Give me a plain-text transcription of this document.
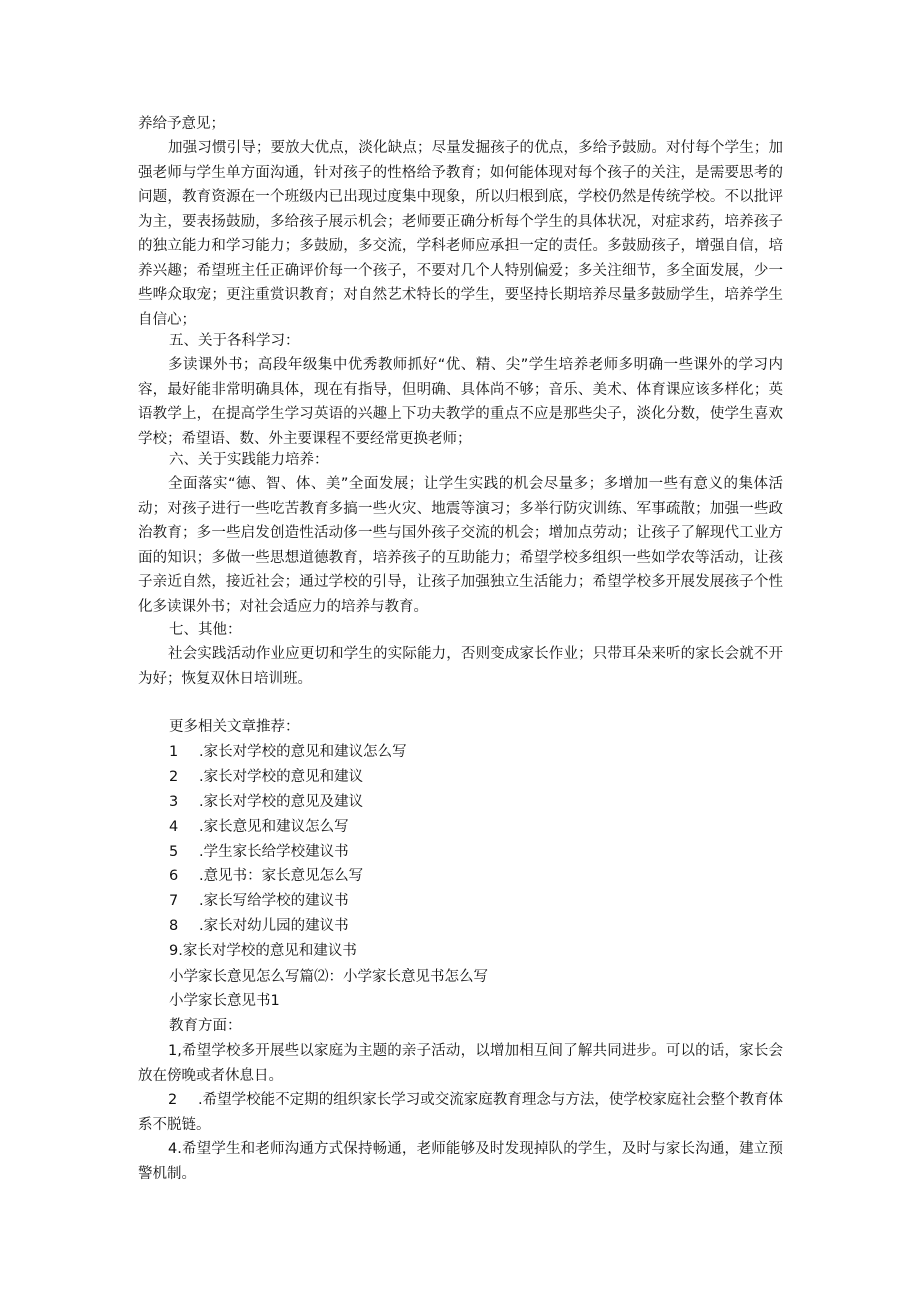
养给予意见；
加强习惯引导；要放大优点，淡化缺点；尽量发掘孩子的优点，多给予鼓励。对付每个学生；加强老师与学生单方面沟通，针对孩子的性格给予教育；如何能体现对每个孩子的关注，是需要思考的问题，教育资源在一个班级内已出现过度集中现象，所以归根到底，学校仍然是传统学校。不以批评为主，要表扬鼓励，多给孩子展示机会；老师要正确分析每个学生的具体状况，对症求药，培养孩子的独立能力和学习能力；多鼓励，多交流，学科老师应承担一定的责任。多鼓励孩子，增强自信，培养兴趣；希望班主任正确评价每一个孩子，不要对几个人特别偏爱；多关注细节，多全面发展，少一些哗众取宠；更注重赏识教育；对自然艺术特长的学生，要坚持长期培养尽量多鼓励学生，培养学生自信心；
五、关于各科学习：
多读课外书；高段年级集中优秀教师抓好“优、精、尖”学生培养老师多明确一些课外的学习内容，最好能非常明确具体，现在有指导，但明确、具体尚不够；音乐、美术、体育课应该多样化；英语教学上，在提高学生学习英语的兴趣上下功夫教学的重点不应是那些尖子，淡化分数，使学生喜欢学校；希望语、数、外主要课程不要经常更换老师；
六、关于实践能力培养：
全面落实“德、智、体、美”全面发展；让学生实践的机会尽量多；多增加一些有意义的集体活动；对孩子进行一些吃苦教育多搞一些火灾、地震等演习；多举行防灾训练、军事疏散；加强一些政治教育；多一些启发创造性活动侈一些与国外孩子交流的机会；增加点劳动；让孩子了解现代工业方面的知识；多做一些思想道德教育，培养孩子的互助能力；希望学校多组织一些如学农等活动，让孩子亲近自然，接近社会；通过学校的引导，让孩子加强独立生活能力；希望学校多开展发展孩子个性化多读课外书；对社会适应力的培养与教育。
七、其他：
社会实践活动作业应更切和学生的实际能力，否则变成家长作业；只带耳朵来听的家长会就不开为好；恢复双休日培训班。
更多相关文章推荐：
1 .家长对学校的意见和建议怎么写
2 .家长对学校的意见和建议
3 .家长对学校的意见及建议
4 .家长意见和建议怎么写
5 .学生家长给学校建议书
6 .意见书：家长意见怎么写
7 .家长写给学校的建议书
8 .家长对幼儿园的建议书
9.家长对学校的意见和建议书
小学家长意见怎么写篇⑵：小学家长意见书怎么写
小学家长意见书1
教育方面：
1,希望学校多开展些以家庭为主题的亲子活动，以增加相互间了解共同进步。可以的话，家长会放在傍晚或者休息日。
2 .希望学校能不定期的组织家长学习或交流家庭教育理念与方法，使学校家庭社会整个教育体系不脱链。
4.希望学生和老师沟通方式保持畅通，老师能够及时发现掉队的学生，及时与家长沟通，建立预警机制。
